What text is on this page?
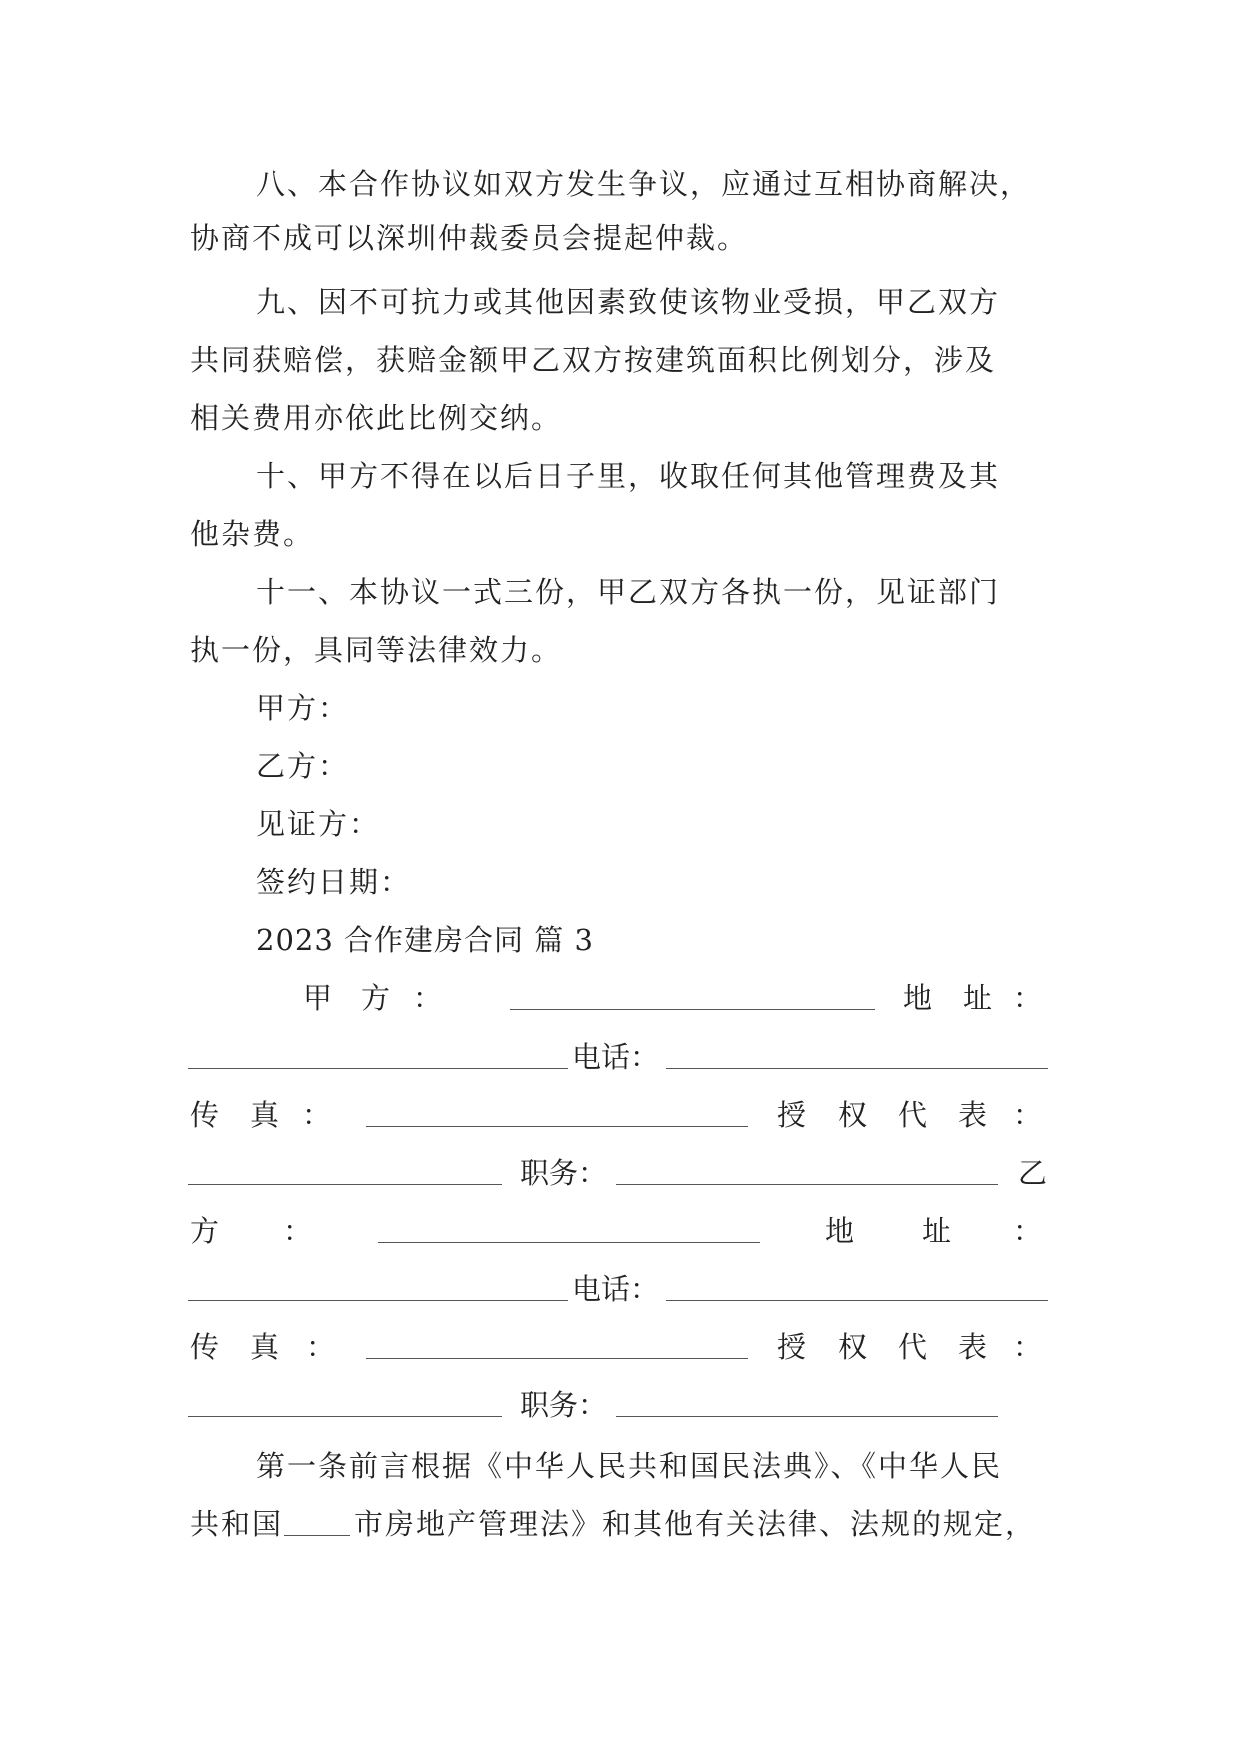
八、本合作协议如双方发生争议，应通过互相协商解决，
协商不成可以深圳仲裁委员会提起仲裁。
九、因不可抗力或其他因素致使该物业受损，甲乙双方
共同获赔偿，获赔金额甲乙双方按建筑面积比例划分，涉及
相关费用亦依此比例交纳。
十、甲方不得在以后日子里，收取任何其他管理费及其
他杂费。
十一、本协议一式三份，甲乙双方各执一份，见证部门
执一份，具同等法律效力。
甲方：
乙方：
见证方：
签约日期：
2023 合作建房合同 篇 3
甲 方 ：	地 址 ：
电话：
传 真 ：	授 权 代 表 ：
职务：	乙
方 ：	地 址 ：
电话：
传 真 ：	授 权 代 表 ：
职务：
第一条前言根据《中华人民共和国民法典》、《中华人民
共和国 市房地产管理法》和其他有关法律、法规的规定，
